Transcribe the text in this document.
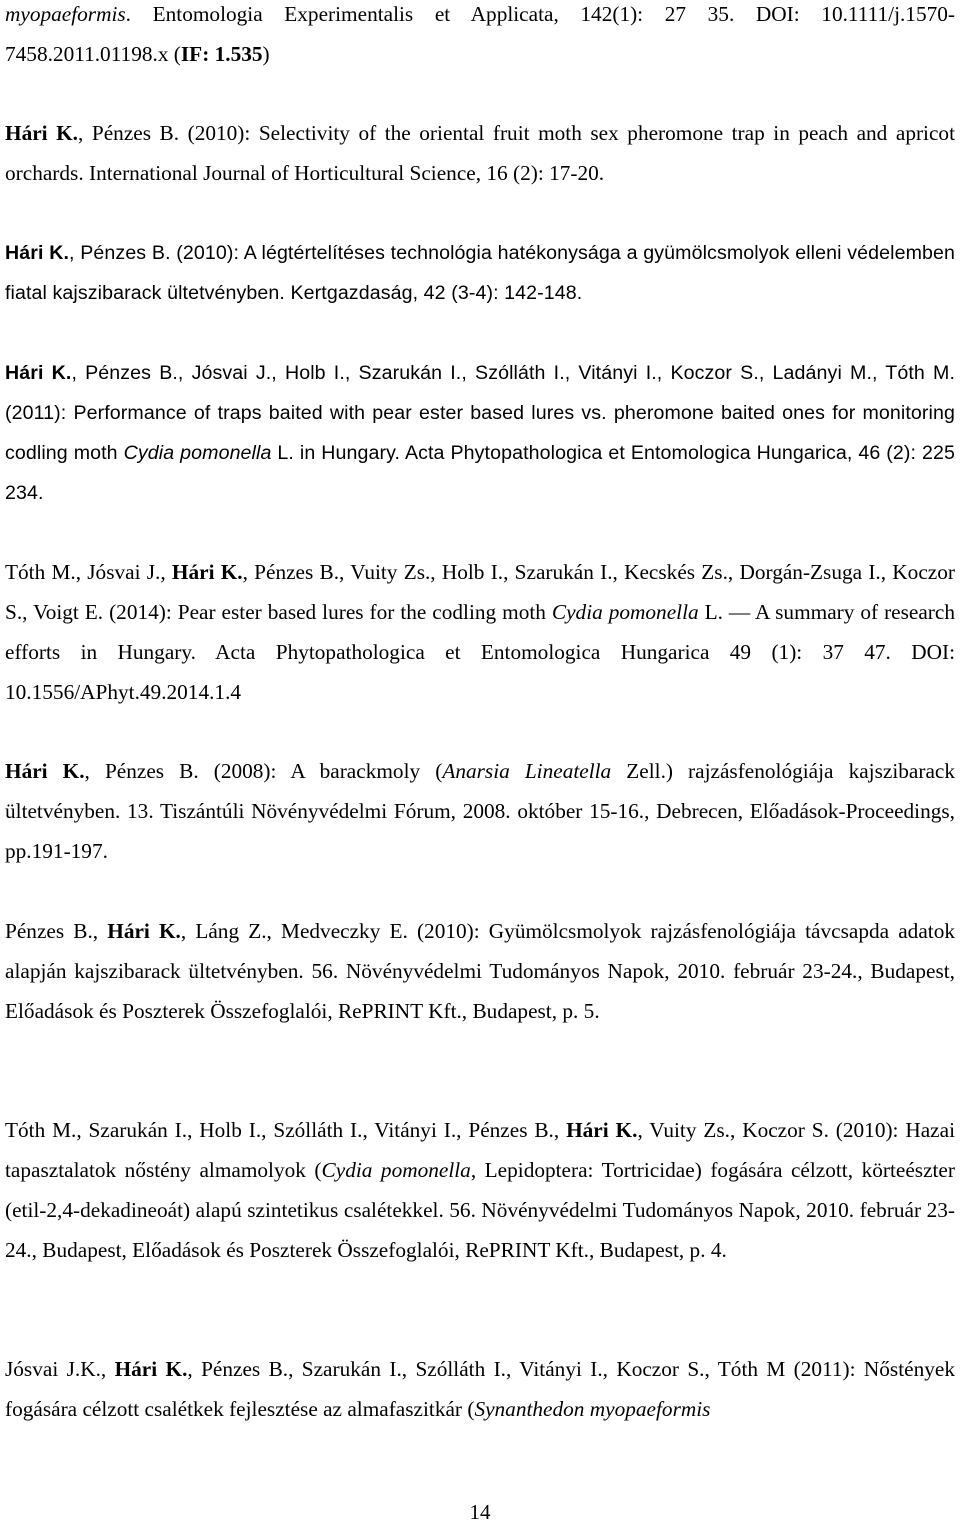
myopaeformis. Entomologia Experimentalis et Applicata, 142(1): 27 35. DOI: 10.1111/j.1570-7458.2011.01198.x (IF: 1.535)

Hári K., Pénzes B. (2010): Selectivity of the oriental fruit moth sex pheromone trap in peach and apricot orchards. International Journal of Horticultural Science, 16 (2): 17-20.

Hári K., Pénzes B. (2010): A légtértelítéses technológia hatékonysága a gyümölcsmolyok elleni védelemben fiatal kajszibarack ültetvényben. Kertgazdaság, 42 (3-4): 142-148.

Hári K., Pénzes B., Jósvai J., Holb I., Szarukán I., Szólláth I., Vitányi I., Koczor S., Ladányi M., Tóth M. (2011): Performance of traps baited with pear ester based lures vs. pheromone baited ones for monitoring codling moth Cydia pomonella L. in Hungary. Acta Phytopathologica et Entomologica Hungarica, 46 (2): 225 234.

Tóth M., Jósvai J., Hári K., Pénzes B., Vuity Zs., Holb I., Szarukán I., Kecskés Zs., Dorgán-Zsuga I., Koczor S., Voigt E. (2014): Pear ester based lures for the codling moth Cydia pomonella L. ― A summary of research efforts in Hungary. Acta Phytopathologica et Entomologica Hungarica 49 (1): 37 47. DOI: 10.1556/APhyt.49.2014.1.4

Hári K., Pénzes B. (2008): A barackmoly (Anarsia Lineatella Zell.) rajzásfenológiája kajszibarack ültetvényben. 13. Tiszántúli Növényvédelmi Fórum, 2008. október 15-16., Debrecen, Előadások-Proceedings, pp.191-197.

Pénzes B., Hári K., Láng Z., Medveczky E. (2010): Gyümölcsmolyok rajzásfenológiája távcsapda adatok alapján kajszibarack ültetvényben. 56. Növényvédelmi Tudományos Napok, 2010. február 23-24., Budapest, Előadások és Poszterek Összefoglalói, RePRINT Kft., Budapest, p. 5.

Tóth M., Szarukán I., Holb I., Szólláth I., Vitányi I., Pénzes B., Hári K., Vuity Zs., Koczor S. (2010): Hazai tapasztalatok nőstény almamolyok (Cydia pomonella, Lepidoptera: Tortricidae) fogására célzott, körteészter (etil-2,4-dekadineoát) alapú szintetikus csalétekkel. 56. Növényvédelmi Tudományos Napok, 2010. február 23-24., Budapest, Előadások és Poszterek Összefoglalói, RePRINT Kft., Budapest, p. 4.

Jósvai J.K., Hári K., Pénzes B., Szarukán I., Szólláth I., Vitányi I., Koczor S., Tóth M (2011): Nőstények fogására célzott csalétkek fejlesztése az almafaszitkár (Synanthedon myopaeformis

14
